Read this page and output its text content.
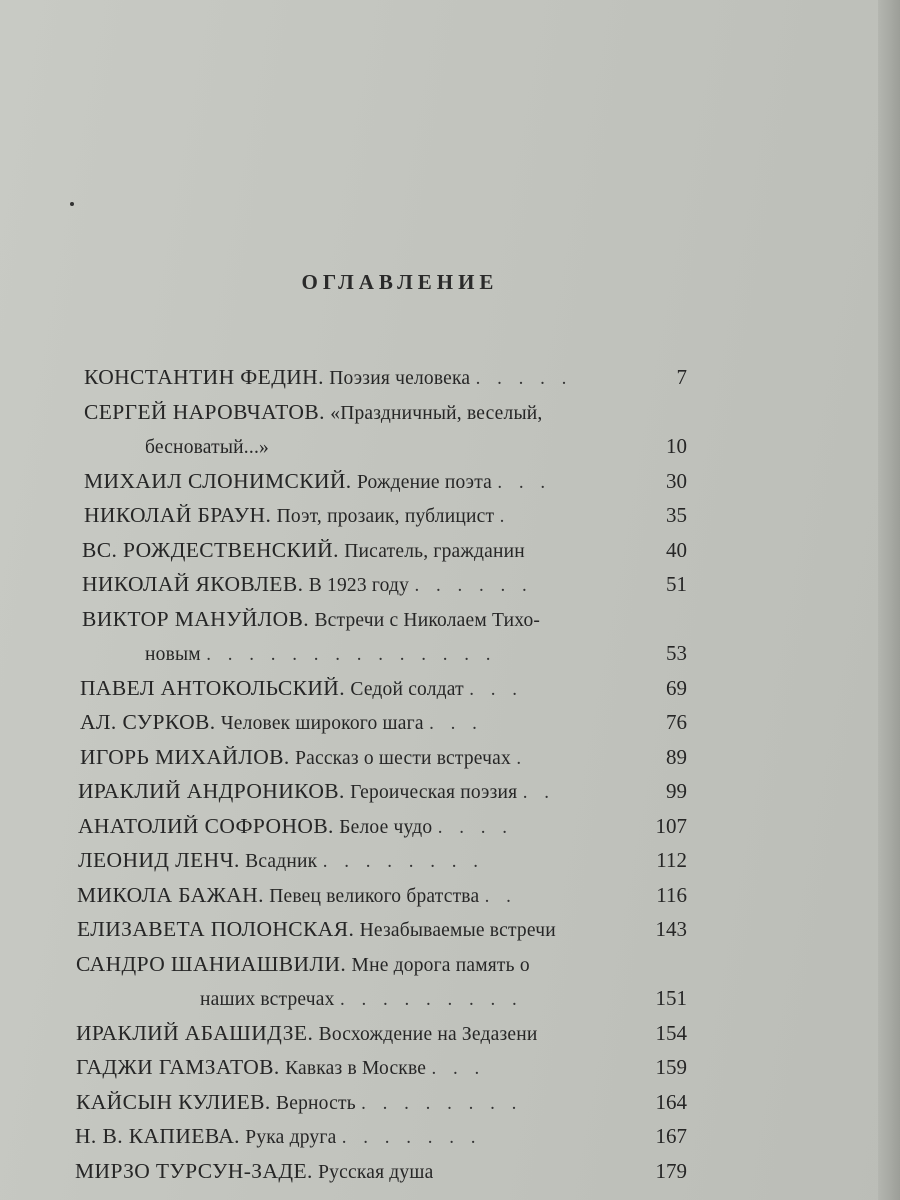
ОГЛАВЛЕНИЕ
КОНСТАНТИН ФЕДИН. Поэзия человека . . . . .	7
СЕРГЕЙ НАРОВЧАТОВ. «Праздничный, веселый,
бесноватый...»	10
МИХАИЛ СЛОНИМСКИЙ. Рождение поэта . . .	30
НИКОЛАЙ БРАУН. Поэт, прозаик, публицист .	35
ВС. РОЖДЕСТВЕНСКИЙ. Писатель, гражданин	40
НИКОЛАЙ ЯКОВЛЕВ. В 1923 году . . . . . .	51
ВИКТОР МАНУЙЛОВ. Встречи с Николаем Тихо-
новым . . . . . . . . . . . . . .	53
ПАВЕЛ АНТОКОЛЬСКИЙ. Седой солдат . . .	69
АЛ. СУРКОВ. Человек широкого шага . . .	76
ИГОРЬ МИХАЙЛОВ. Рассказ о шести встречах .	89
ИРАКЛИЙ АНДРОНИКОВ. Героическая поэзия . .	99
АНАТОЛИЙ СОФРОНОВ. Белое чудо . . . .	107
ЛЕОНИД ЛЕНЧ. Всадник . . . . . . . .	112
МИКОЛА БАЖАН. Певец великого братства . .	116
ЕЛИЗАВЕТА ПОЛОНСКАЯ. Незабываемые встречи	143
САНДРО ШАНИАШВИЛИ. Мне дорога память о
наших встречах . . . . . . . . .	151
ИРАКЛИЙ АБАШИДЗЕ. Восхождение на Зедазени	154
ГАДЖИ ГАМЗАТОВ. Кавказ в Москве . . .	159
КАЙСЫН КУЛИЕВ. Верность . . . . . . . .	164
Н. В. КАПИЕВА. Рука друга . . . . . . .	167
МИРЗО ТУРСУН-ЗАДЕ. Русская душа	179
